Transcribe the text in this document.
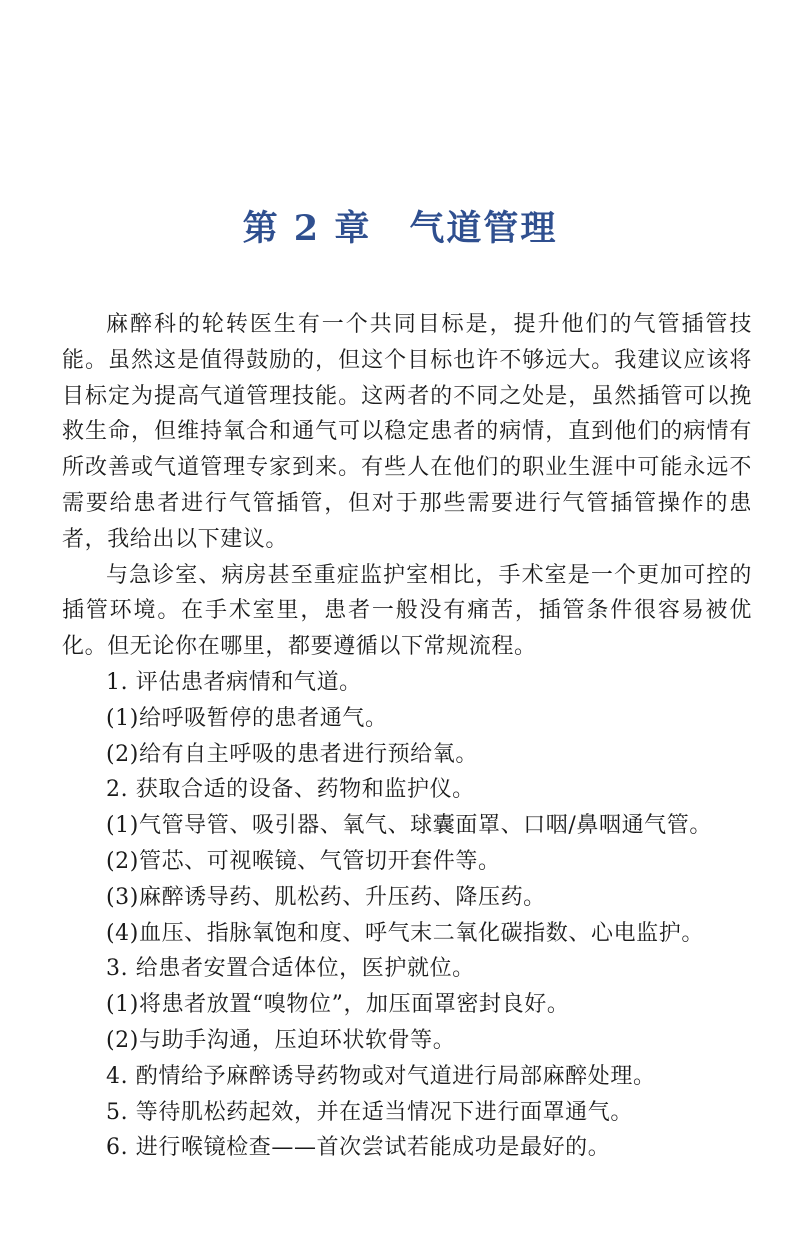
第 2 章 气道管理

麻醉科的轮转医生有一个共同目标是，提升他们的气管插管技能。虽然这是值得鼓励的，但这个目标也许不够远大。我建议应该将目标定为提高气道管理技能。这两者的不同之处是，虽然插管可以挽救生命，但维持氧合和通气可以稳定患者的病情，直到他们的病情有所改善或气道管理专家到来。有些人在他们的职业生涯中可能永远不需要给患者进行气管插管，但对于那些需要进行气管插管操作的患者，我给出以下建议。

与急诊室、病房甚至重症监护室相比，手术室是一个更加可控的插管环境。在手术室里，患者一般没有痛苦，插管条件很容易被优化。但无论你在哪里，都要遵循以下常规流程。

1. 评估患者病情和气道。

(1)给呼吸暂停的患者通气。

(2)给有自主呼吸的患者进行预给氧。

2. 获取合适的设备、药物和监护仪。

(1)气管导管、吸引器、氧气、球囊面罩、口咽/鼻咽通气管。

(2)管芯、可视喉镜、气管切开套件等。

(3)麻醉诱导药、肌松药、升压药、降压药。

(4)血压、指脉氧饱和度、呼气末二氧化碳指数、心电监护。

3. 给患者安置合适体位，医护就位。

(1)将患者放置“嗅物位”，加压面罩密封良好。

(2)与助手沟通，压迫环状软骨等。

4. 酌情给予麻醉诱导药物或对气道进行局部麻醉处理。

5. 等待肌松药起效，并在适当情况下进行面罩通气。

6. 进行喉镜检查——首次尝试若能成功是最好的。
